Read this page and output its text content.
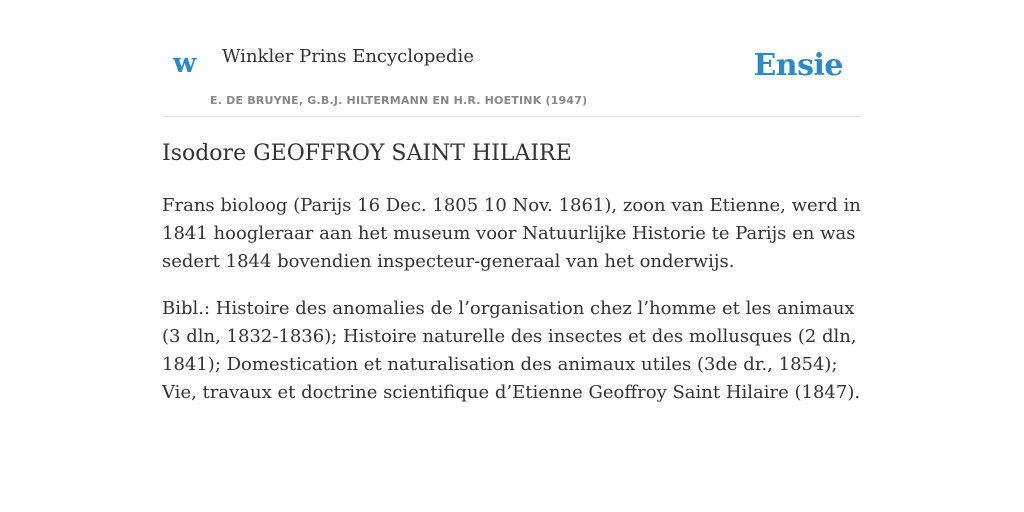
w Winkler Prins Encyclopedie
E. DE BRUYNE, G.B.J. HILTERMANN EN H.R. HOETINK (1947)
Ensie
Isodore GEOFFROY SAINT HILAIRE

Frans bioloog (Parijs 16 Dec. 1805 10 Nov. 1861), zoon van Etienne, werd in 1841 hoogleraar aan het museum voor Natuurlijke Historie te Parijs en was sedert 1844 bovendien inspecteur-generaal van het onderwijs.

Bibl.: Histoire des anomalies de l’organisation chez l’homme et les animaux (3 dln, 1832-1836); Histoire naturelle des insectes et des mollusques (2 dln, 1841); Domestication et naturalisation des animaux utiles (3de dr., 1854); Vie, travaux et doctrine scientifique d’Etienne Geoffroy Saint Hilaire (1847).
